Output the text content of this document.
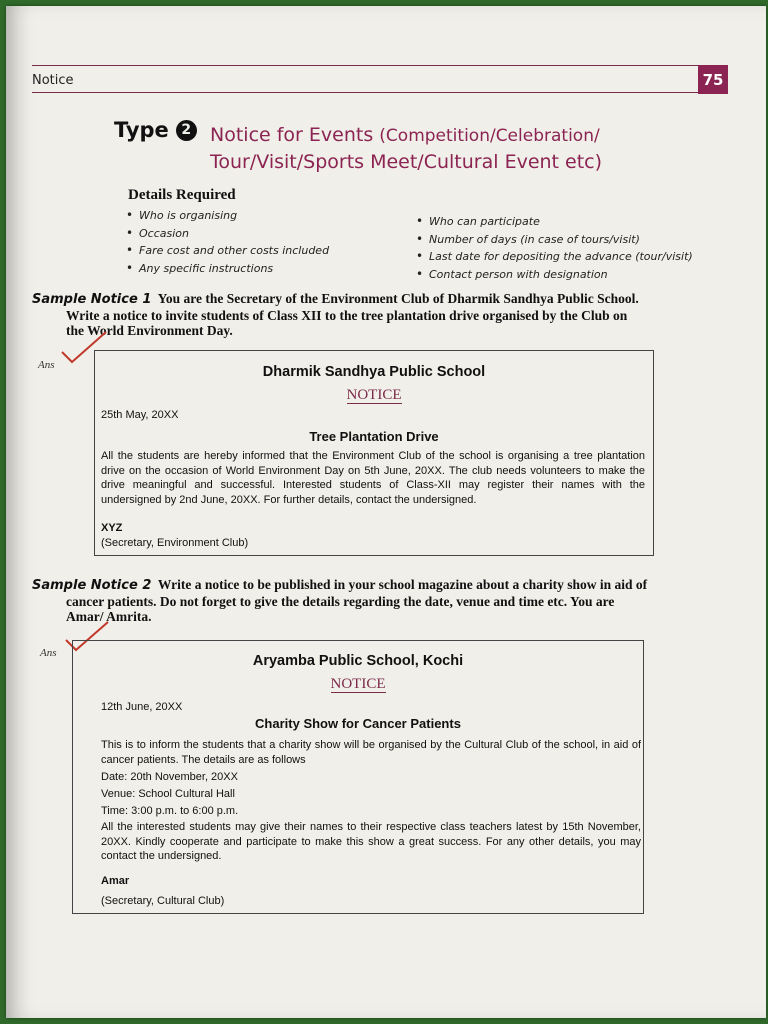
Notice	75
Type 2 Notice for Events (Competition/Celebration/
Tour/Visit/Sports Meet/Cultural Event etc)
Details Required
• Who is organising
• Occasion
• Fare cost and other costs included
• Any specific instructions
• Who can participate
• Number of days (in case of tours/visit)
• Last date for depositing the advance (tour/visit)
• Contact person with designation
Sample Notice 1 You are the Secretary of the Environment Club of Dharmik Sandhya Public School.
Write a notice to invite students of Class XII to the tree plantation drive organised by the Club on
the World Environment Day.
Ans	Dharmik Sandhya Public School
NOTICE
25th May, 20XX
Tree Plantation Drive
All the students are hereby informed that the Environment Club of the school is organising a tree plantation drive on the occasion of World Environment Day on 5th June, 20XX. The club needs volunteers to make the drive meaningful and successful. Interested students of Class-XII may register their names with the undersigned by 2nd June, 20XX. For further details, contact the undersigned.
XYZ
(Secretary, Environment Club)
Sample Notice 2 Write a notice to be published in your school magazine about a charity show in aid of
cancer patients. Do not forget to give the details regarding the date, venue and time etc. You are
Amar/ Amrita.
Ans	Aryamba Public School, Kochi
NOTICE
12th June, 20XX
Charity Show for Cancer Patients
This is to inform the students that a charity show will be organised by the Cultural Club of the school, in aid of cancer patients. The details are as follows
Date: 20th November, 20XX
Venue: School Cultural Hall
Time: 3:00 p.m. to 6:00 p.m.
All the interested students may give their names to their respective class teachers latest by 15th November, 20XX. Kindly cooperate and participate to make this show a great success. For any other details, you may contact the undersigned.
Amar
(Secretary, Cultural Club)
